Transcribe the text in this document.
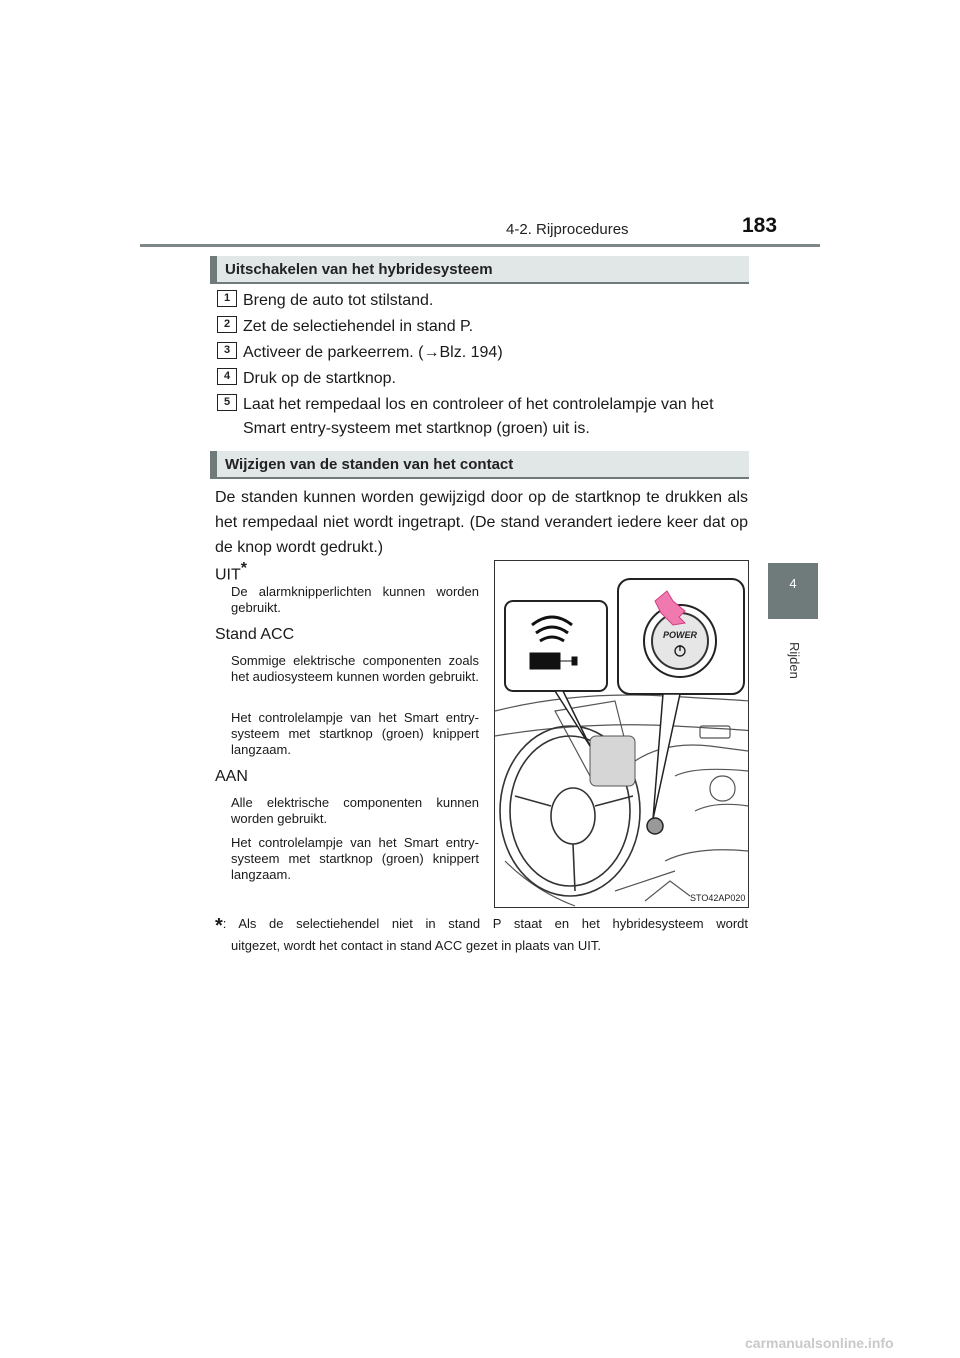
4-2. Rijprocedures	183
4
Rijden
Uitschakelen van het hybridesysteem
1 Breng de auto tot stilstand.
2 Zet de selectiehendel in stand P.
3 Activeer de parkeerrem. (→Blz. 194)
4 Druk op de startknop.
5 Laat het rempedaal los en controleer of het controlelampje van het
Smart entry-systeem met startknop (groen) uit is.
Wijzigen van de standen van het contact
De standen kunnen worden gewijzigd door op de startknop te drukken als het rempedaal niet wordt ingetrapt. (De stand verandert iedere keer dat op de knop wordt gedrukt.)
UIT*
De alarmknipperlichten kunnen worden gebruikt.
Stand ACC
Sommige elektrische componenten zoals het audiosysteem kunnen worden gebruikt.
Het controlelampje van het Smart entry-systeem met startknop (groen) knippert langzaam.
AAN
Alle elektrische componenten kunnen worden gebruikt.
Het controlelampje van het Smart entry-systeem met startknop (groen) knippert langzaam.
POWER
STO42AP020
*: Als de selectiehendel niet in stand P staat en het hybridesysteem wordt
uitgezet, wordt het contact in stand ACC gezet in plaats van UIT.
carmanualsonline.info
